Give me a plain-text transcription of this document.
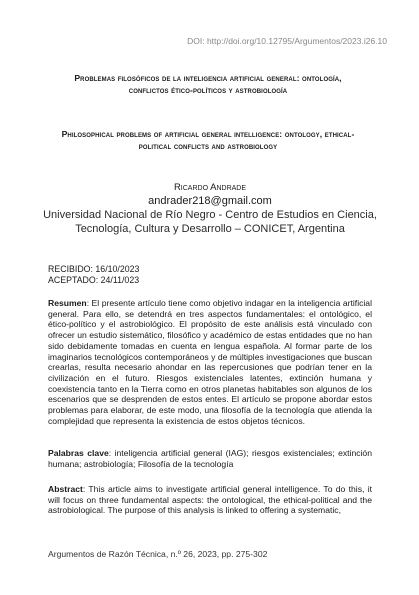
DOI: http://doi.org/10.12795/Argumentos/2023.i26.10
Problemas filosóficos de la inteligencia artificial general: ontología, conflictos ético-políticos y astrobiología
Philosophical problems of artificial general intelligence: ontology, ethical-political conflicts and astrobiology
Ricardo Andrade
andrader218@gmail.com
Universidad Nacional de Río Negro - Centro de Estudios en Ciencia, Tecnología, Cultura y Desarrollo – CONICET, Argentina
RECIBIDO: 16/10/2023
ACEPTADO: 24/11/023

Resumen: El presente artículo tiene como objetivo indagar en la inteligencia artificial general. Para ello, se detendrá en tres aspectos fundamentales: el ontológico, el ético-político y el astrobiológico. El propósito de este análisis está vinculado con ofrecer un estudio sistemático, filosófico y académico de estas entidades que no han sido debidamente tomadas en cuenta en lengua española. Al formar parte de los imaginarios tecnológicos contemporáneos y de múltiples investigaciones que buscan crearlas, resulta necesario ahondar en las repercusiones que podrían tener en la civilización en el futuro. Riesgos existenciales latentes, extinción humana y coexistencia tanto en la Tierra como en otros planetas habitables son algunos de los escenarios que se desprenden de estos entes. El artículo se propone abordar estos problemas para elaborar, de este modo, una filosofía de la tecnología que atienda la complejidad que representa la existencia de estos objetos técnicos.

Palabras clave: inteligencia artificial general (IAG); riesgos existenciales; extinción humana; astrobiología; Filosofía de la tecnología

Abstract: This article aims to investigate artificial general intelligence. To do this, it will focus on three fundamental aspects: the ontological, the ethical-political and the astrobiological. The purpose of this analysis is linked to offering a systematic,

Argumentos de Razón Técnica, n.º 26, 2023, pp. 275-302
